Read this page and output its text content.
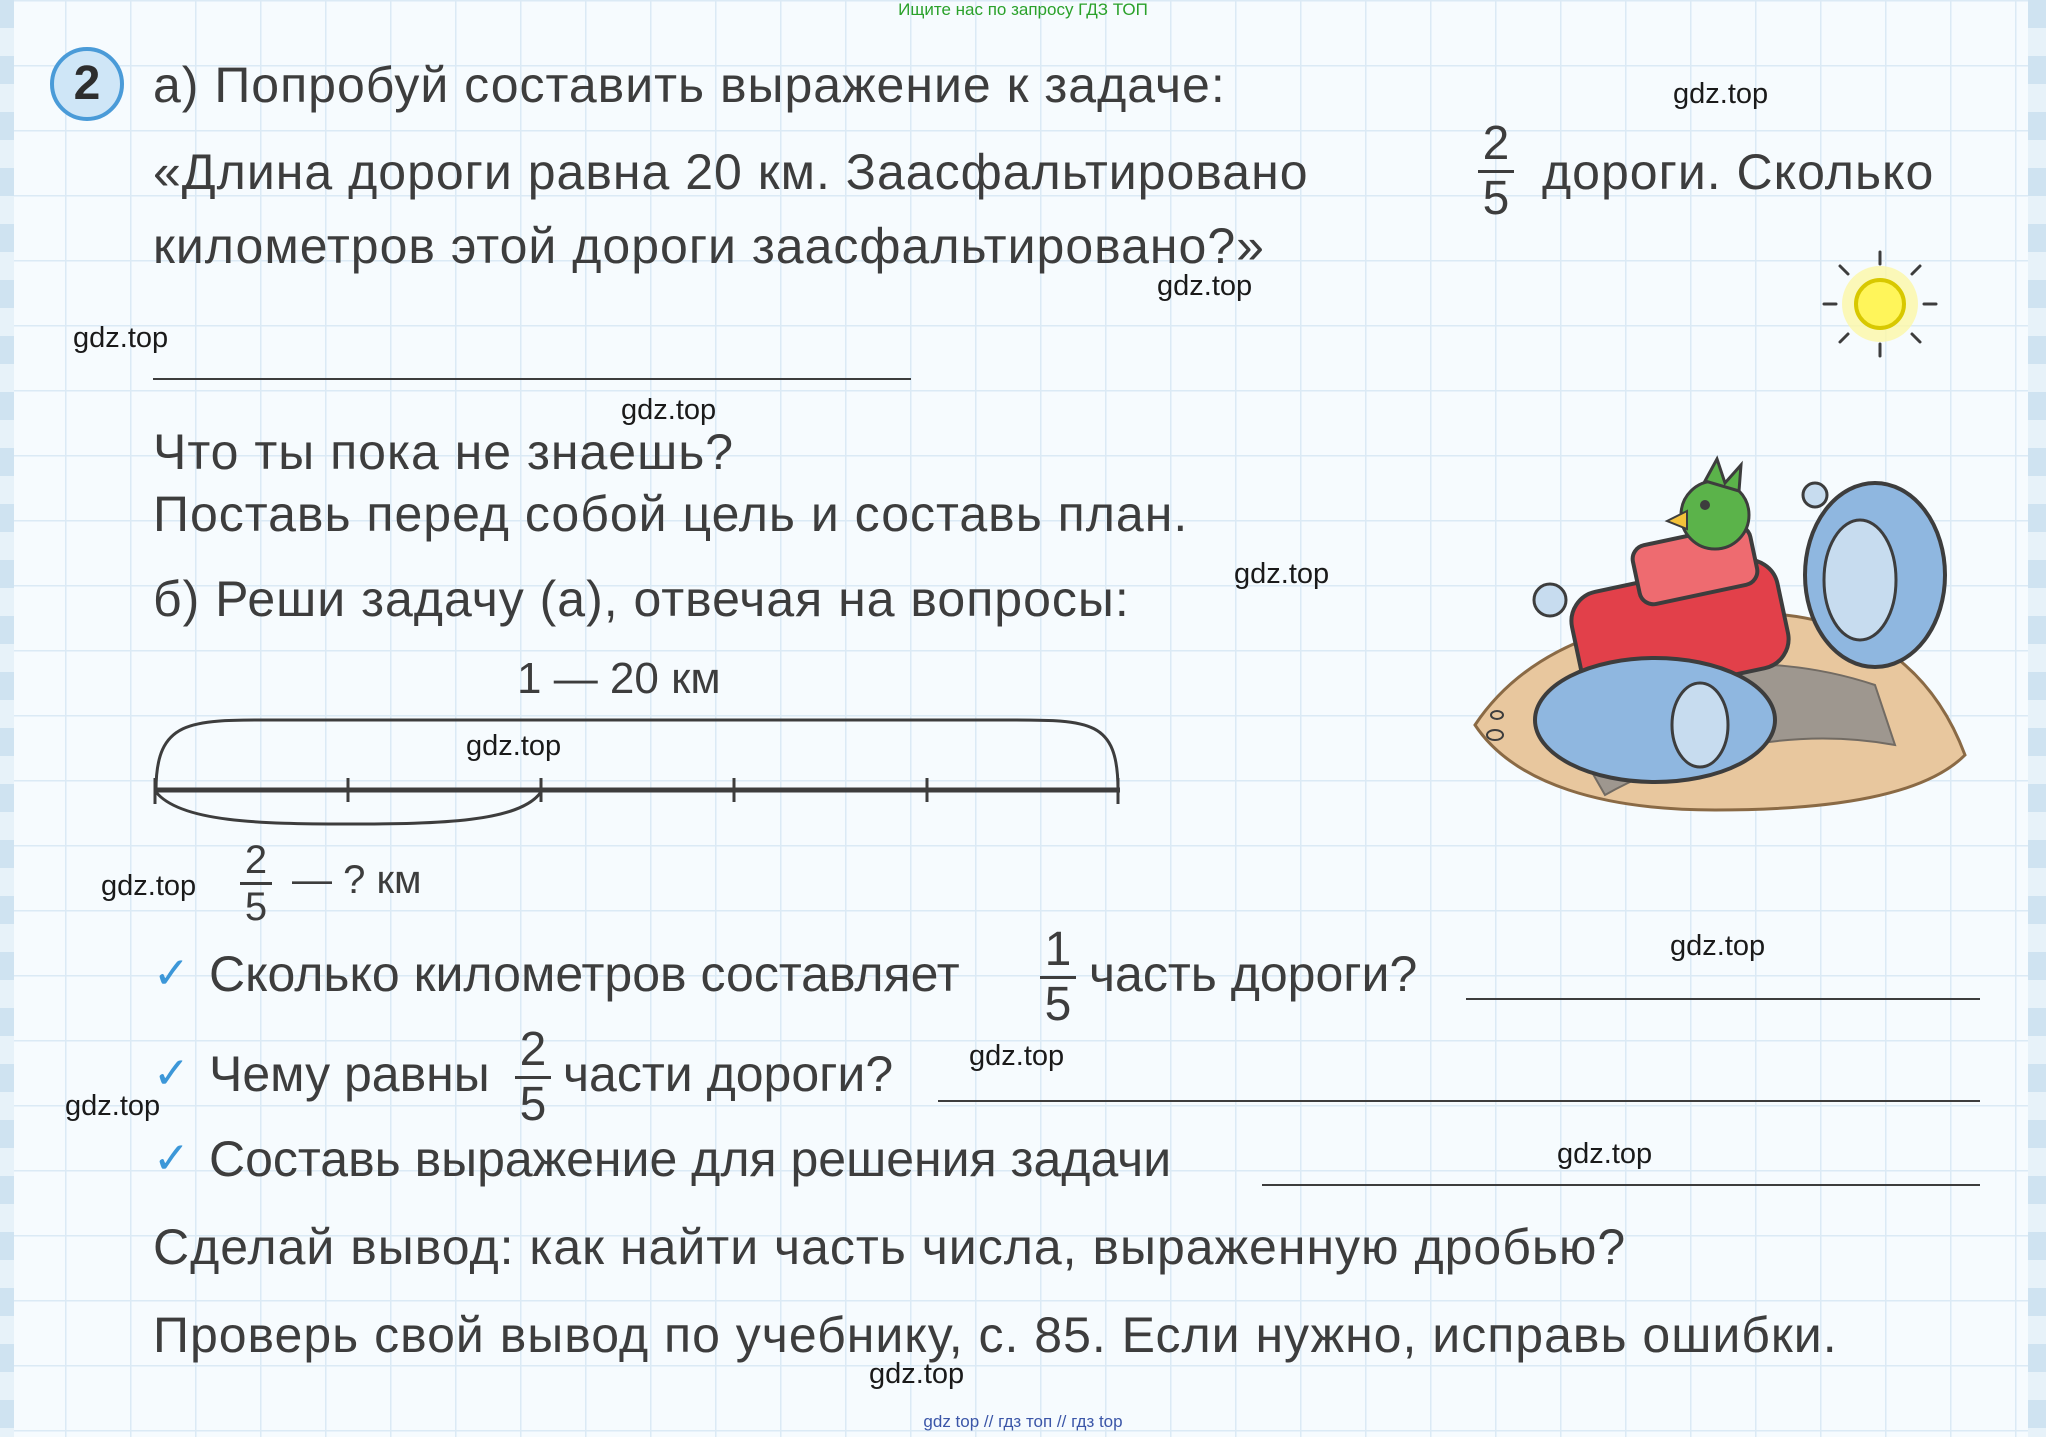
Ищите нас по запросу ГДЗ ТОП
2	а) Попробуй составить выражение к задаче:
«Длина дороги равна 20 км. Заасфальтировано
2
5 дороги. Сколько
километров этой дороги заасфальтировано?»
Что ты пока не знаешь?
Поставь перед собой цель и составь план.
б) Реши задачу (а), отвечая на вопросы:
1 — 20 км
2
5
— ? км
✓ Сколько километров составляет 1
5
часть дороги?
✓ Чему равны 2
5
части дороги?
✓ Составь выражение для решения задачи
Сделай вывод: как найти часть числа, выраженную дробью?
Проверь свой вывод по учебнику, с. 85. Если нужно, исправь ошибки.
gdz.top
gdz.top
gdz.top
gdz.top
gdz.top
gdz.top
gdz.top
gdz.top
gdz.top
gdz.top
gdz.top
gdz.top
gdz top // гдз топ // гдз top
